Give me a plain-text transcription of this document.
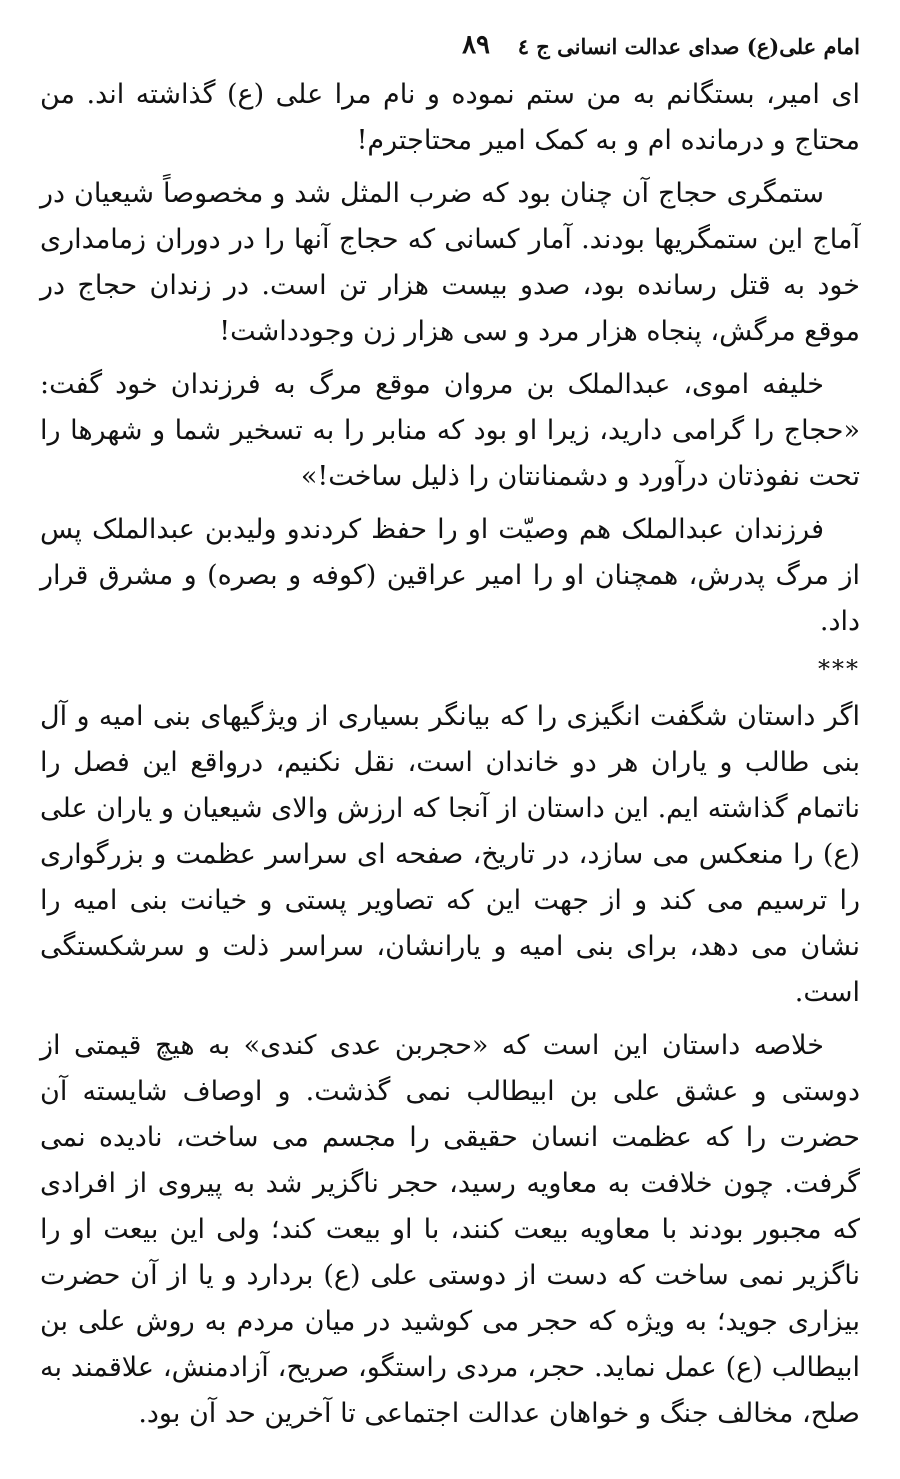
امام علی(ع) صدای عدالت انسانی ج ٤
٨٩

ای امیر، بستگانم به من ستم نموده و نام مرا علی (ع) گذاشته اند. من محتاج و درمانده ام و به کمک امیر محتاجترم!

ستمگری حجاج آن چنان بود که ضرب المثل شد و مخصوصاً شیعیان در آماج این ستمگریها بودند. آمار کسانی که حجاج آنها را در دوران زمامداری خود به قتل رسانده بود، صدو بیست هزار تن است. در زندان حجاج در موقع مرگش، پنجاه هزار مرد و سی هزار زن وجودداشت!

خلیفه اموی، عبدالملک بن مروان موقع مرگ به فرزندان خود گفت: «حجاج را گرامی دارید، زیرا او بود که منابر را به تسخیر شما و شهرها را تحت نفوذتان درآورد و دشمنانتان را ذلیل ساخت!»

فرزندان عبدالملک هم وصیّت او را حفظ کردندو ولیدبن عبدالملک پس از مرگ پدرش، همچنان او را امیر عراقین (کوفه و بصره) و مشرق قرار داد.

***

اگر داستان شگفت انگیزی را که بیانگر بسیاری از ویژگیهای بنی امیه و آل بنی طالب و یاران هر دو خاندان است، نقل نکنیم، درواقع این فصل را ناتمام گذاشته ایم. این داستان از آنجا که ارزش والای شیعیان و یاران علی (ع) را منعکس می سازد، در تاریخ، صفحه ای سراسر عظمت و بزرگواری را ترسیم می کند و از جهت این که تصاویر پستی و خیانت بنی امیه را نشان می دهد، برای بنی امیه و یارانشان، سراسر ذلت و سرشکستگی است.

خلاصه داستان این است که «حجربن عدی کندی» به هیچ قیمتی از دوستی و عشق علی بن ابیطالب نمی گذشت. و اوصاف شایسته آن حضرت را که عظمت انسان حقیقی را مجسم می ساخت، نادیده نمی گرفت. چون خلافت به معاویه رسید، حجر ناگزیر شد به پیروی از افرادی که مجبور بودند با معاویه بیعت کنند، با او بیعت کند؛ ولی این بیعت او را ناگزیر نمی ساخت که دست از دوستی علی (ع) بردارد و یا از آن حضرت بیزاری جوید؛ به ویژه که حجر می کوشید در میان مردم به روش علی بن ابیطالب (ع) عمل نماید. حجر، مردی راستگو، صریح، آزادمنش، علاقمند به صلح، مخالف جنگ و خواهان عدالت اجتماعی تا آخرین حد آن بود.
